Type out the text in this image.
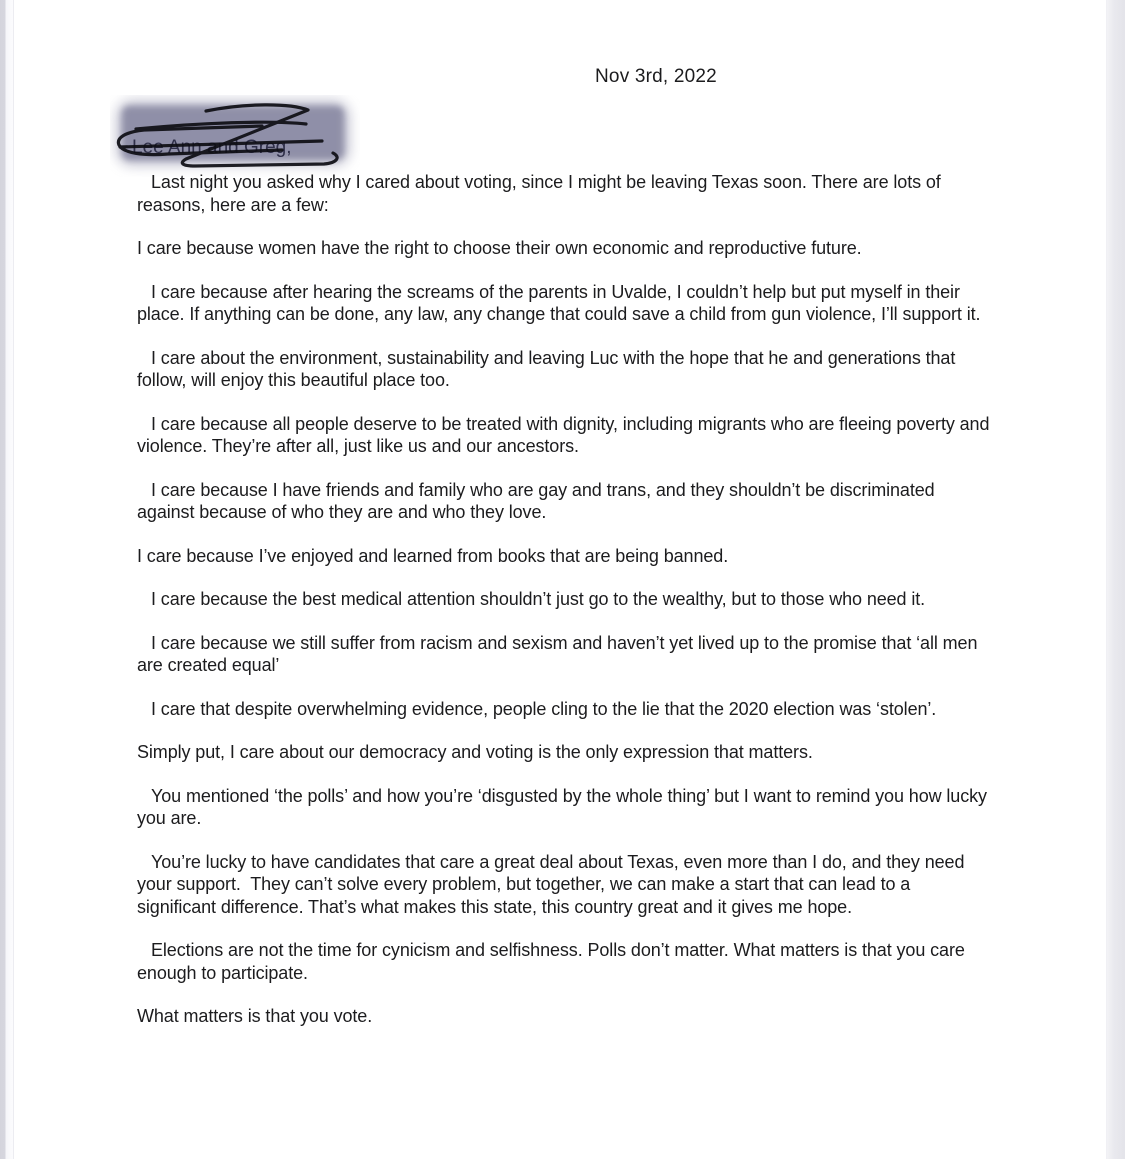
Nov 3rd, 2022
Lee Ann and Greg,

Last night you asked why I cared about voting, since I might be leaving Texas soon. There are lots of reasons, here are a few:

I care because women have the right to choose their own economic and reproductive future.

I care because after hearing the screams of the parents in Uvalde, I couldn’t help but put myself in their place. If anything can be done, any law, any change that could save a child from gun violence, I’ll support it.

I care about the environment, sustainability and leaving Luc with the hope that he and generations that follow, will enjoy this beautiful place too.

I care because all people deserve to be treated with dignity, including migrants who are fleeing poverty and violence. They’re after all, just like us and our ancestors.

I care because I have friends and family who are gay and trans, and they shouldn’t be discriminated against because of who they are and who they love.

I care because I’ve enjoyed and learned from books that are being banned.

I care because the best medical attention shouldn’t just go to the wealthy, but to those who need it.

I care because we still suffer from racism and sexism and haven’t yet lived up to the promise that ‘all men are created equal’

I care that despite overwhelming evidence, people cling to the lie that the 2020 election was ‘stolen’.

Simply put, I care about our democracy and voting is the only expression that matters.

You mentioned ‘the polls’ and how you’re ‘disgusted by the whole thing’ but I want to remind you how lucky you are.

You’re lucky to have candidates that care a great deal about Texas, even more than I do, and they need your support.  They can’t solve every problem, but together, we can make a start that can lead to a significant difference. That’s what makes this state, this country great and it gives me hope.

Elections are not the time for cynicism and selfishness. Polls don’t matter. What matters is that you care enough to participate.

What matters is that you vote.
